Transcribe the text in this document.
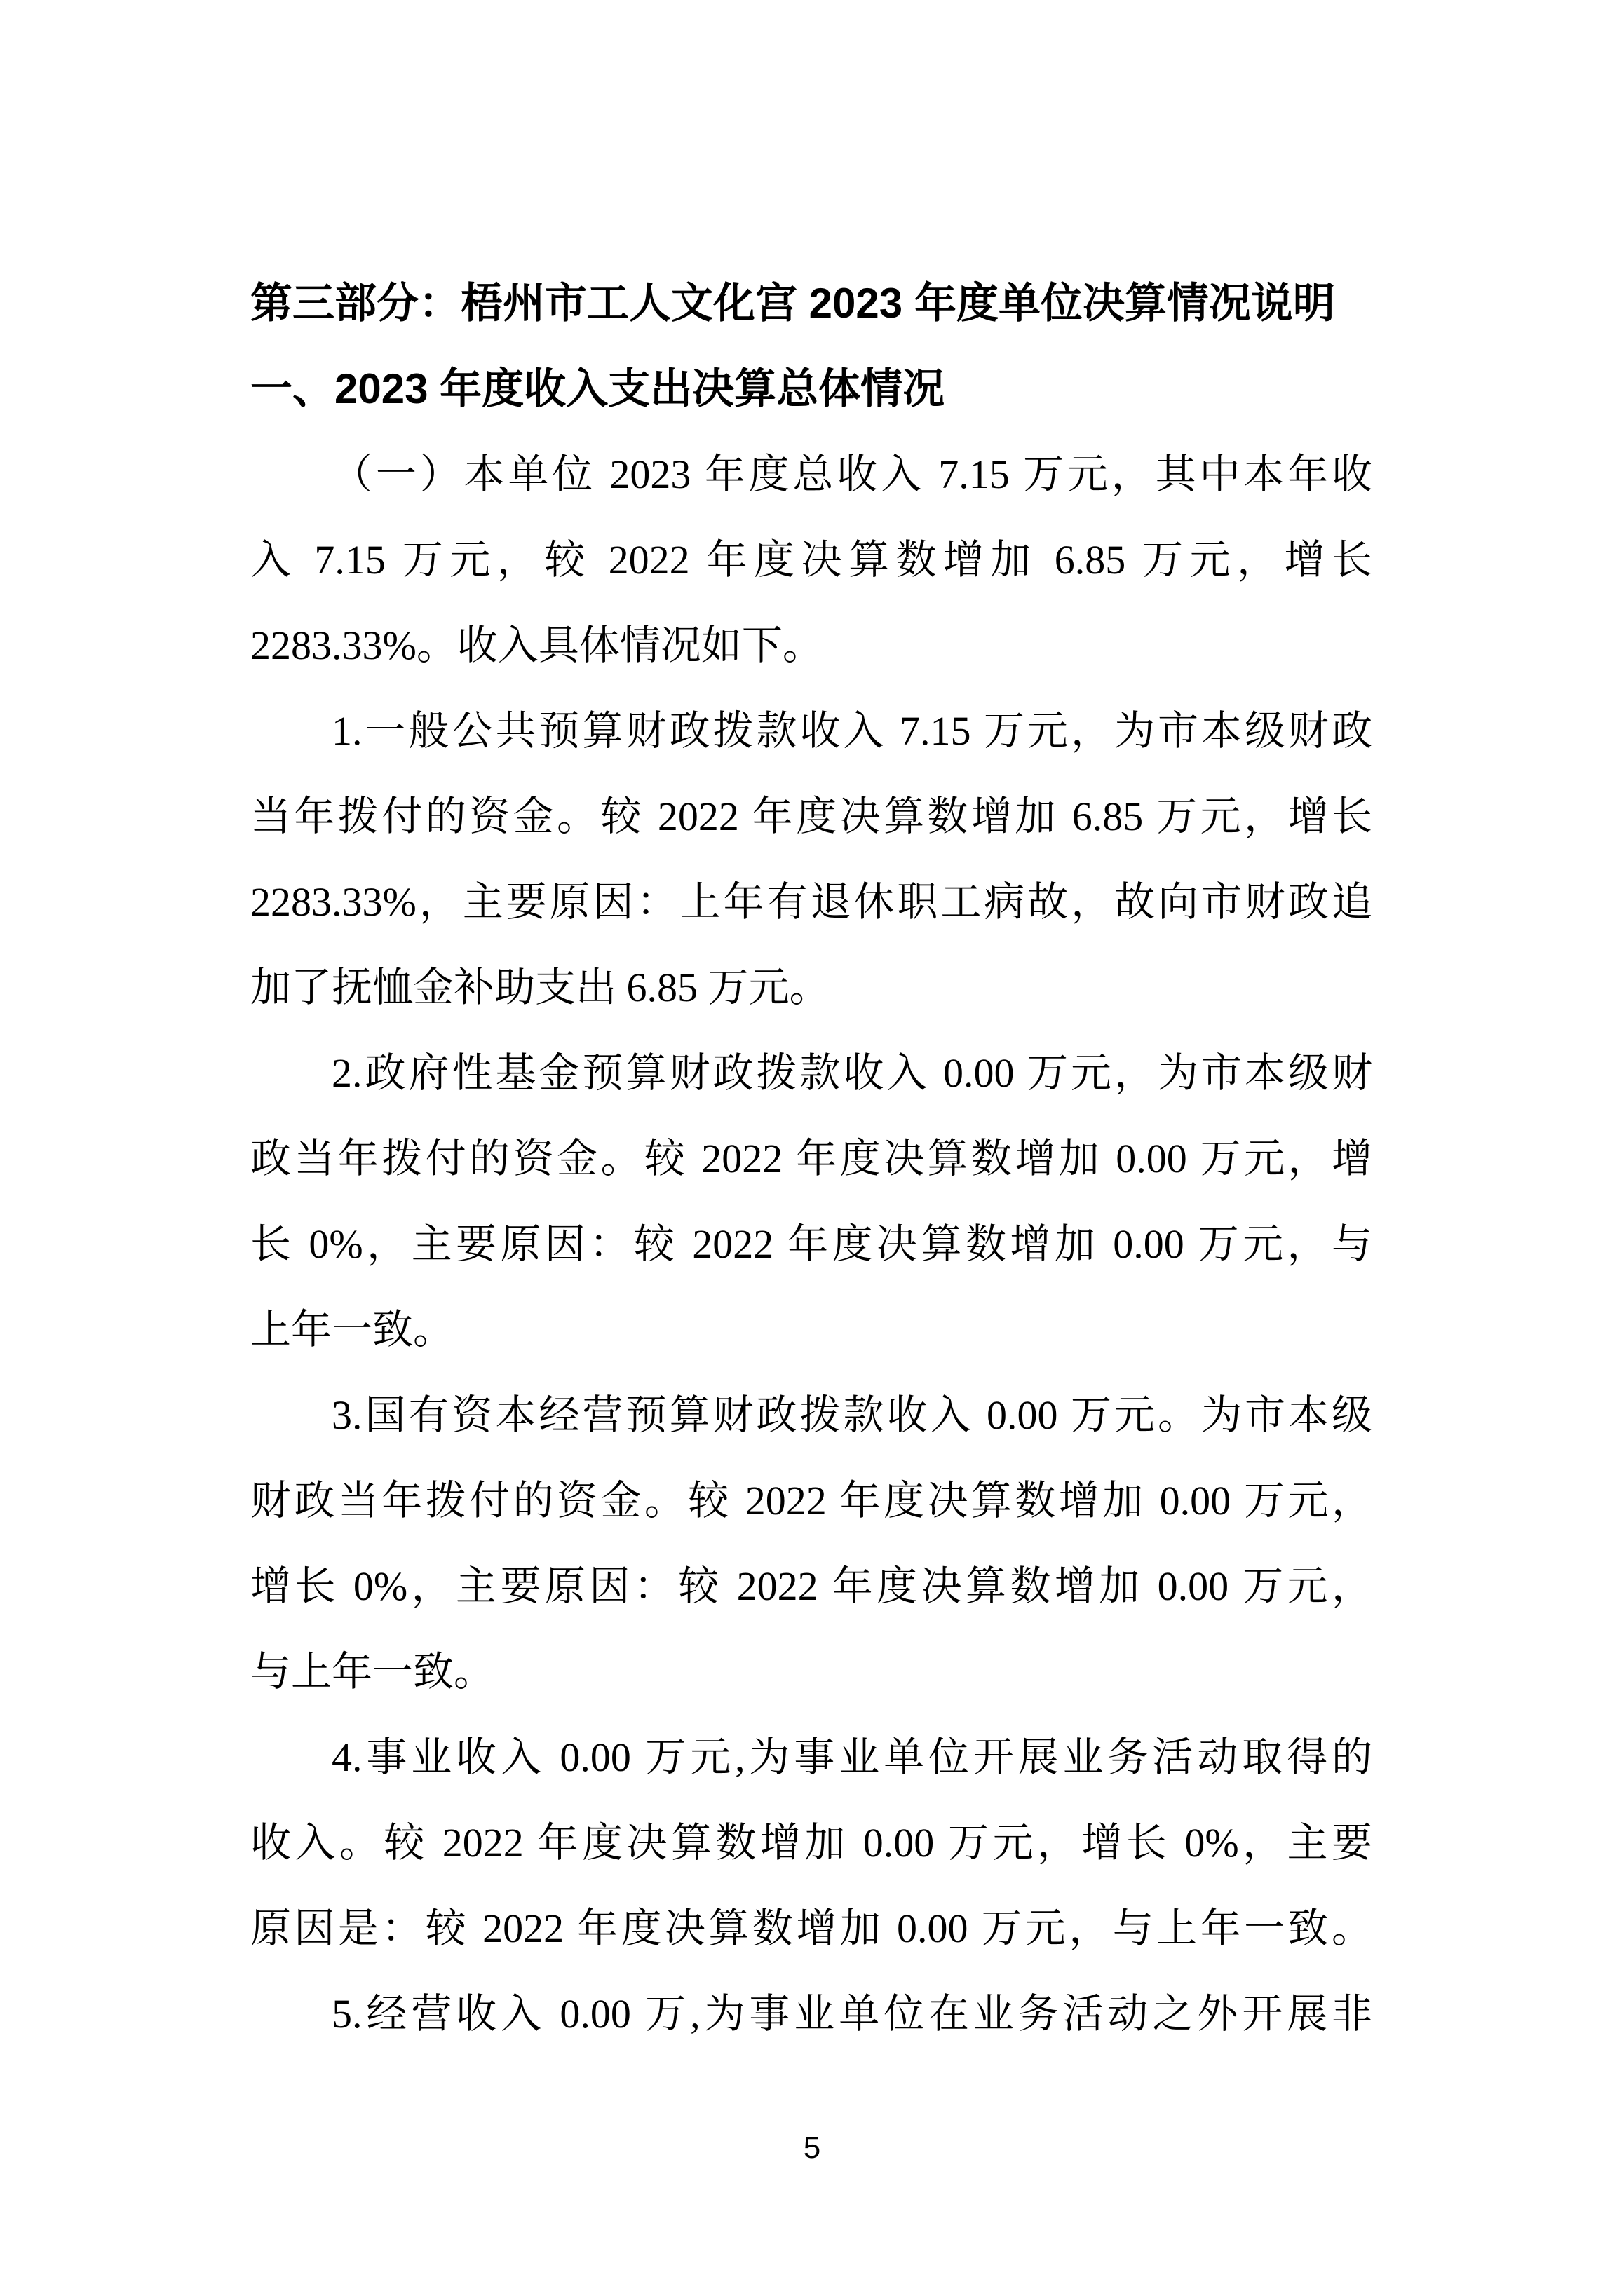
第三部分：梧州市工人文化宫 2023 年度单位决算情况说明
一、2023 年度收入支出决算总体情况
（一）本单位 2023 年度总收入 7.15 万元，其中本年收
入 7.15 万元，较 2022 年度决算数增加 6.85 万元，增长
2283.33%。收入具体情况如下。
1.一般公共预算财政拨款收入 7.15 万元，为市本级财政
当年拨付的资金。较 2022 年度决算数增加 6.85 万元，增长
2283.33%，主要原因：上年有退休职工病故，故向市财政追
加了抚恤金补助支出 6.85 万元。
2.政府性基金预算财政拨款收入 0.00 万元，为市本级财
政当年拨付的资金。较 2022 年度决算数增加 0.00 万元，增
长 0%，主要原因：较 2022 年度决算数增加 0.00 万元，与
上年一致。
3.国有资本经营预算财政拨款收入 0.00 万元。为市本级
财政当年拨付的资金。较 2022 年度决算数增加 0.00 万元，
增长 0%，主要原因：较 2022 年度决算数增加 0.00 万元，
与上年一致。
4.事业收入 0.00 万元,为事业单位开展业务活动取得的
收入。较 2022 年度决算数增加 0.00 万元，增长 0%，主要
原因是：较 2022 年度决算数增加 0.00 万元，与上年一致。
5.经营收入 0.00 万,为事业单位在业务活动之外开展非
5
